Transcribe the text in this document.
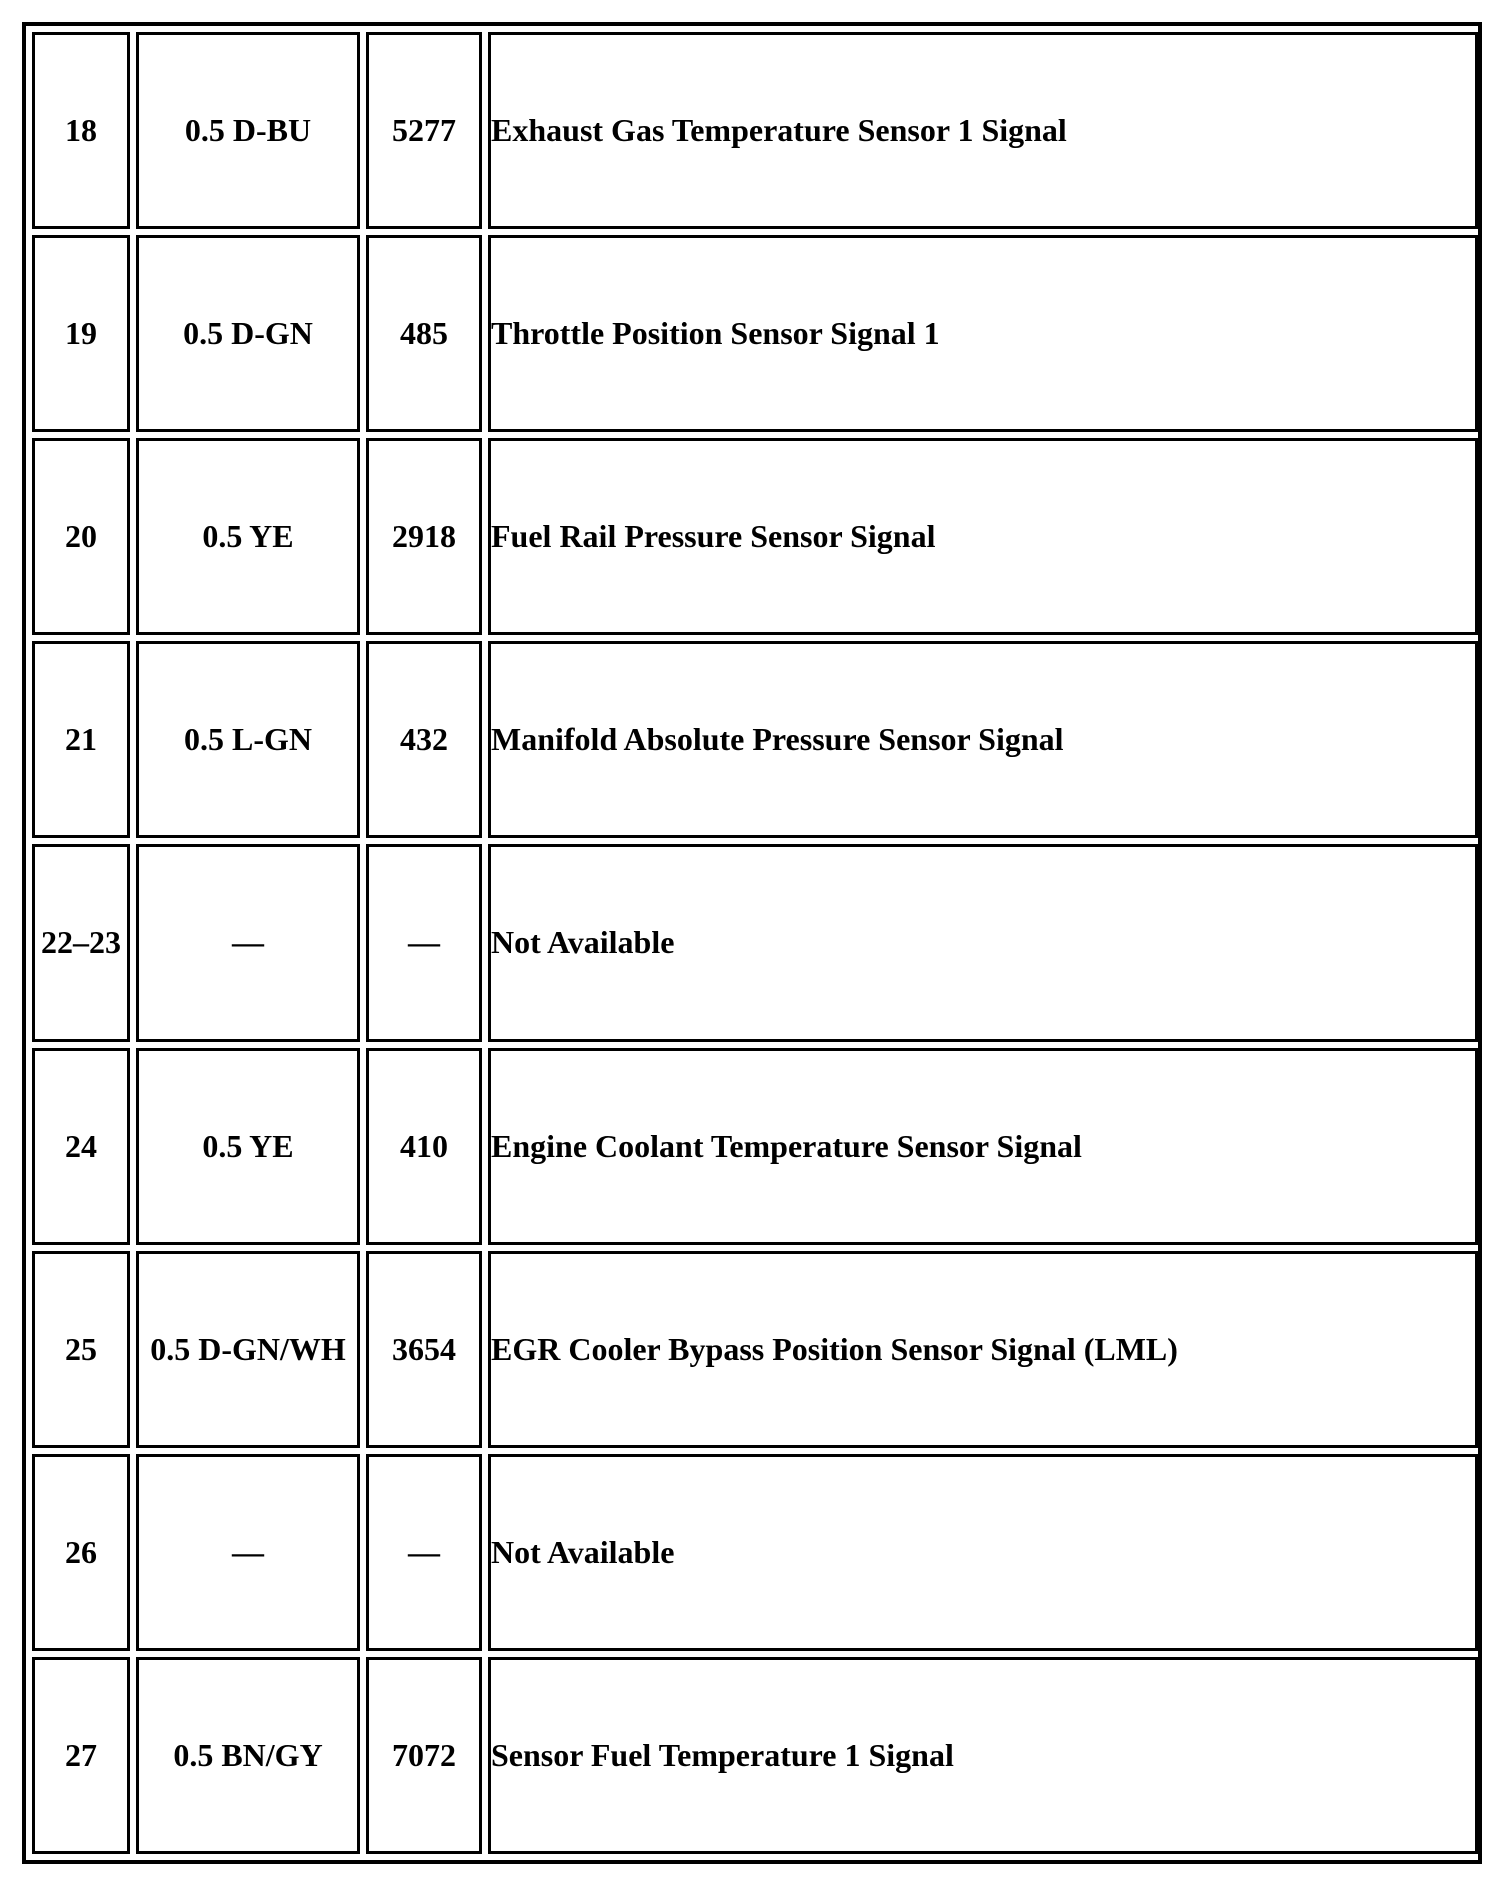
18	0.5 D-BU	5277	Exhaust Gas Temperature Sensor 1 Signal
19	0.5 D-GN	485	Throttle Position Sensor Signal 1
20	0.5 YE	2918	Fuel Rail Pressure Sensor Signal
21	0.5 L-GN	432	Manifold Absolute Pressure Sensor Signal
22–23	—	—	Not Available
24	0.5 YE	410	Engine Coolant Temperature Sensor Signal
25	0.5 D-GN/WH	3654	EGR Cooler Bypass Position Sensor Signal (LML)
26	—	—	Not Available
27	0.5 BN/GY	7072	Sensor Fuel Temperature 1 Signal
